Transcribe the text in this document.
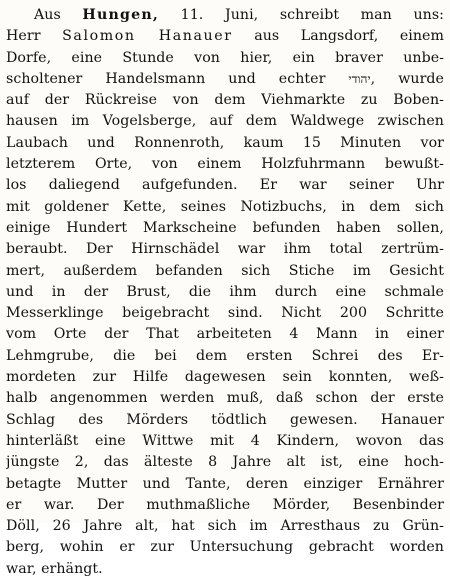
Aus Hungen, 11. Juni, schreibt man uns:
Herr Salomon Hanauer aus Langsdorf, einem
Dorfe, eine Stunde von hier, ein braver unbe-
scholtener Handelsmann und echter יהודי, wurde
auf der Rückreise von dem Viehmarkte zu Boben-
hausen im Vogelsberge, auf dem Waldwege zwischen
Laubach und Ronnenroth, kaum 15 Minuten vor
letzterem Orte, von einem Holzfuhrmann bewußt-
los daliegend aufgefunden. Er war seiner Uhr
mit goldener Kette, seines Notizbuchs, in dem sich
einige Hundert Markscheine befunden haben sollen,
beraubt. Der Hirnschädel war ihm total zertrüm-
mert, außerdem befanden sich Stiche im Gesicht
und in der Brust, die ihm durch eine schmale
Messerklinge beigebracht sind. Nicht 200 Schritte
vom Orte der That arbeiteten 4 Mann in einer
Lehmgrube, die bei dem ersten Schrei des Er-
mordeten zur Hilfe dagewesen sein konnten, weß-
halb angenommen werden muß, daß schon der erste
Schlag des Mörders tödtlich gewesen. Hanauer
hinterläßt eine Wittwe mit 4 Kindern, wovon das
jüngste 2, das älteste 8 Jahre alt ist, eine hoch-
betagte Mutter und Tante, deren einziger Ernährer
er war. Der muthmaßliche Mörder, Besenbinder
Döll, 26 Jahre alt, hat sich im Arresthaus zu Grün-
berg, wohin er zur Untersuchung gebracht worden
war, erhängt.
